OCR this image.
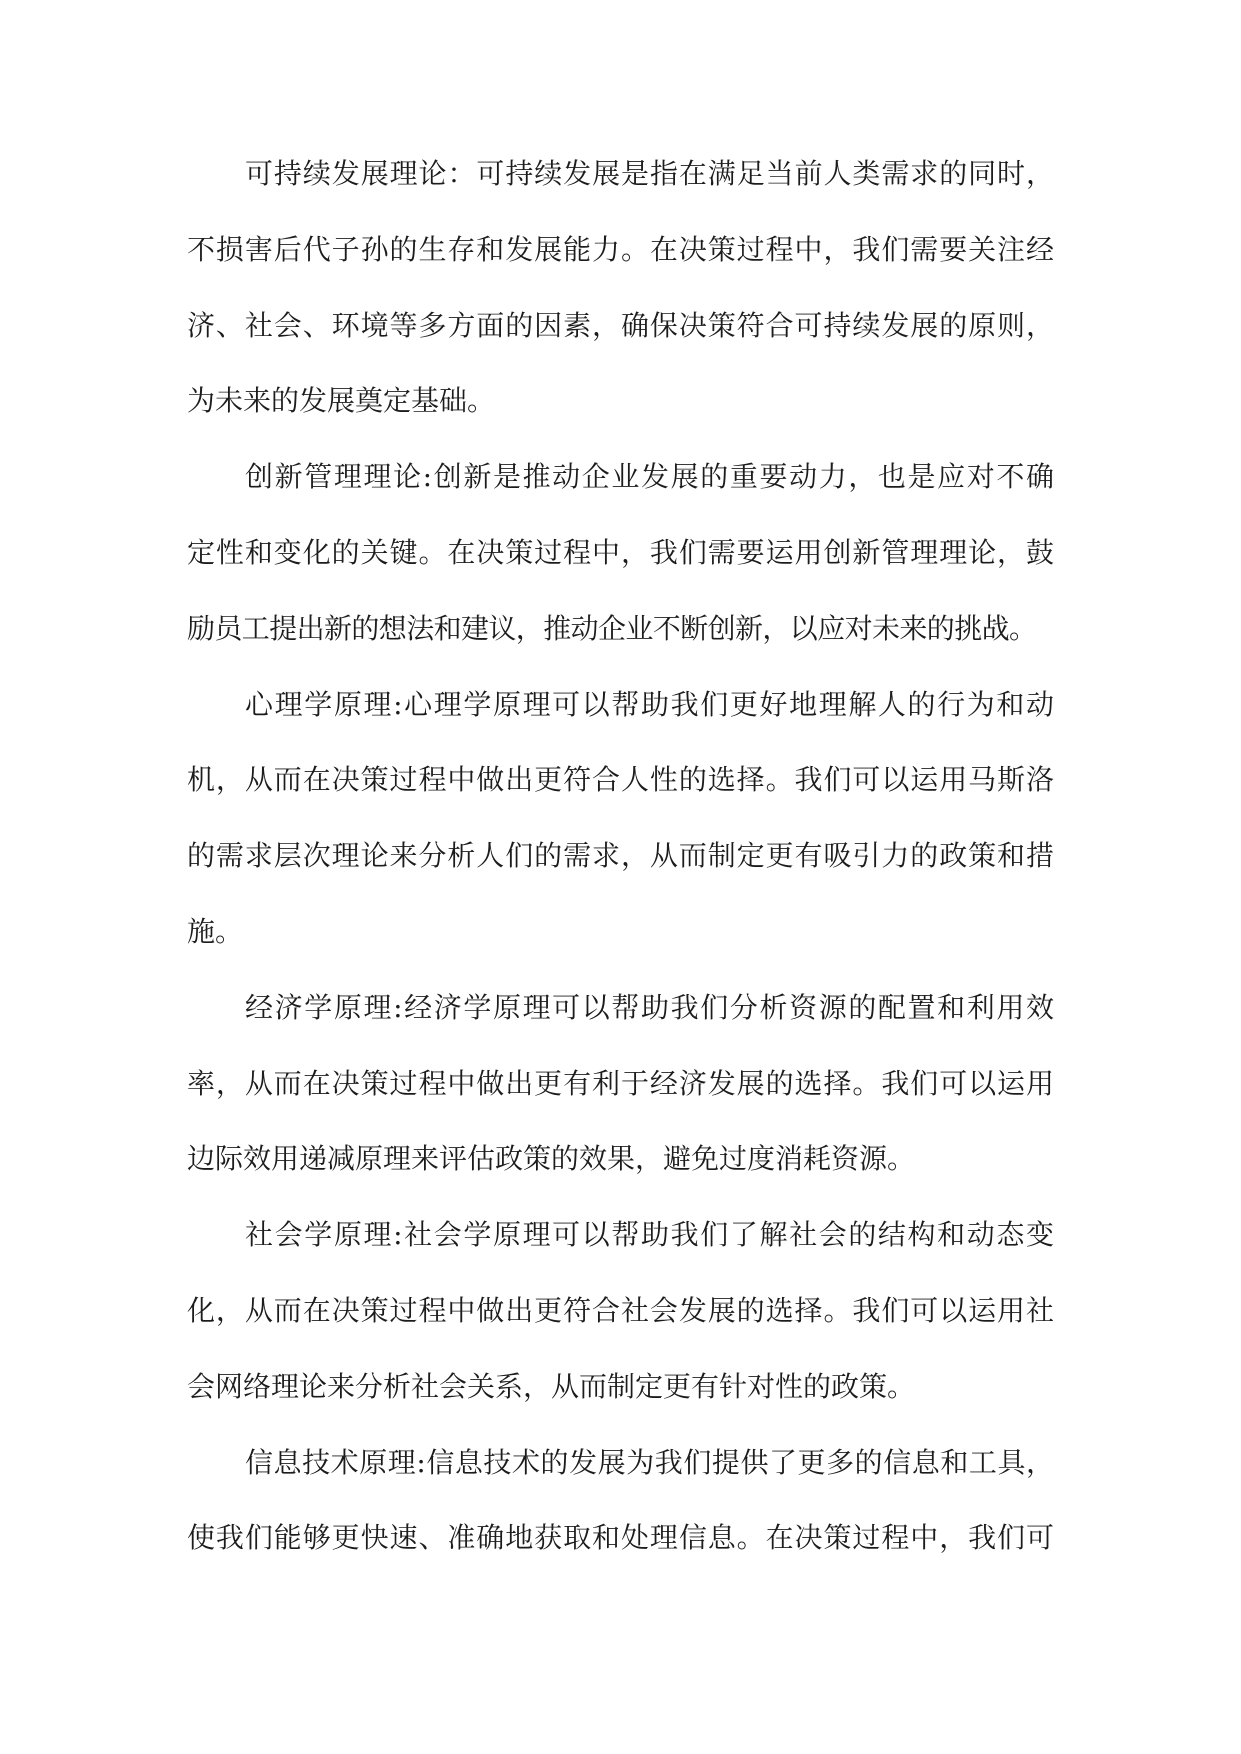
可持续发展理论：可持续发展是指在满足当前人类需求的同时，
不损害后代子孙的生存和发展能力。在决策过程中，我们需要关注经
济、社会、环境等多方面的因素，确保决策符合可持续发展的原则，
为未来的发展奠定基础。
创新管理理论:创新是推动企业发展的重要动力，也是应对不确
定性和变化的关键。在决策过程中，我们需要运用创新管理理论，鼓
励员工提出新的想法和建议，推动企业不断创新，以应对未来的挑战。
心理学原理:心理学原理可以帮助我们更好地理解人的行为和动
机，从而在决策过程中做出更符合人性的选择。我们可以运用马斯洛
的需求层次理论来分析人们的需求，从而制定更有吸引力的政策和措
施。
经济学原理:经济学原理可以帮助我们分析资源的配置和利用效
率，从而在决策过程中做出更有利于经济发展的选择。我们可以运用
边际效用递减原理来评估政策的效果，避免过度消耗资源。
社会学原理:社会学原理可以帮助我们了解社会的结构和动态变
化，从而在决策过程中做出更符合社会发展的选择。我们可以运用社
会网络理论来分析社会关系，从而制定更有针对性的政策。
信息技术原理:信息技术的发展为我们提供了更多的信息和工具，
使我们能够更快速、准确地获取和处理信息。在决策过程中，我们可
